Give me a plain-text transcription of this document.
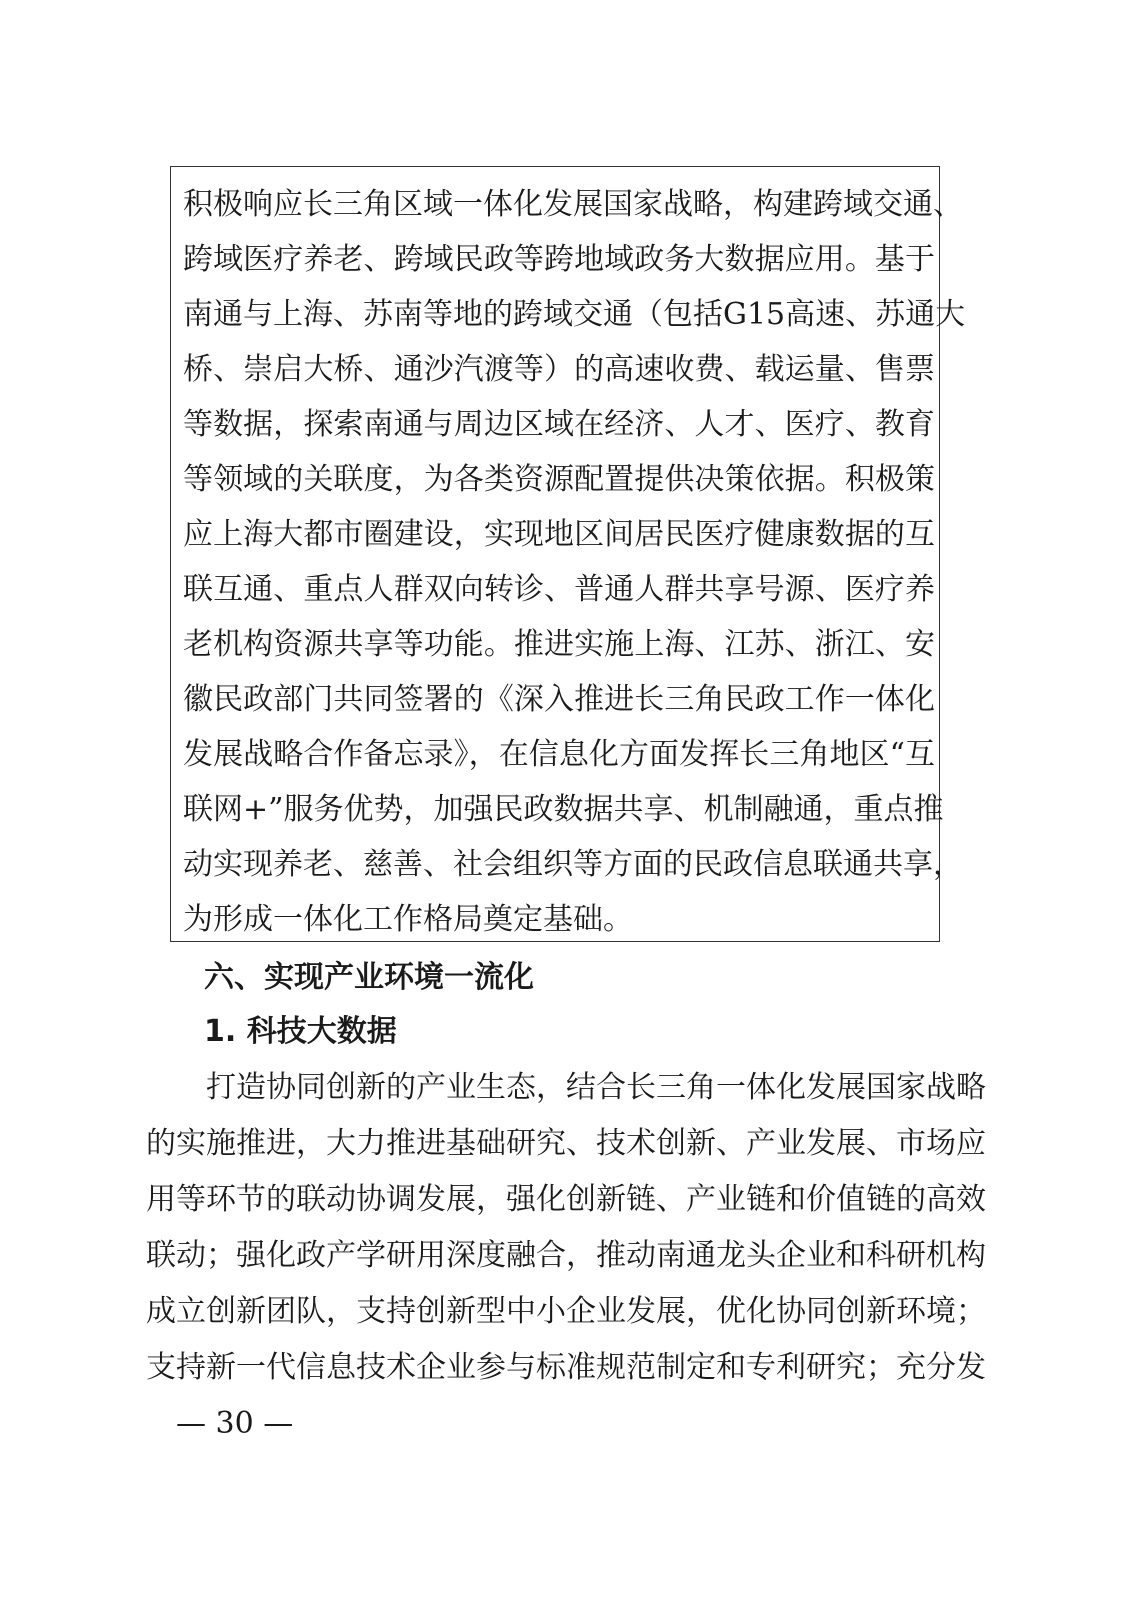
积极响应长三角区域一体化发展国家战略，构建跨域交通、
跨域医疗养老、跨域民政等跨地域政务大数据应用。基于
南通与上海、苏南等地的跨域交通（包括G15高速、苏通大
桥、崇启大桥、通沙汽渡等）的高速收费、载运量、售票
等数据，探索南通与周边区域在经济、人才、医疗、教育
等领域的关联度，为各类资源配置提供决策依据。积极策
应上海大都市圈建设，实现地区间居民医疗健康数据的互
联互通、重点人群双向转诊、普通人群共享号源、医疗养
老机构资源共享等功能。推进实施上海、江苏、浙江、安
徽民政部门共同签署的《深入推进长三角民政工作一体化
发展战略合作备忘录》，在信息化方面发挥长三角地区“互
联网+”服务优势，加强民政数据共享、机制融通，重点推
动实现养老、慈善、社会组织等方面的民政信息联通共享，
为形成一体化工作格局奠定基础。
六、实现产业环境一流化
1. 科技大数据
打造协同创新的产业生态，结合长三角一体化发展国家战略
的实施推进，大力推进基础研究、技术创新、产业发展、市场应
用等环节的联动协调发展，强化创新链、产业链和价值链的高效
联动；强化政产学研用深度融合，推动南通龙头企业和科研机构
成立创新团队，支持创新型中小企业发展，优化协同创新环境；
支持新一代信息技术企业参与标准规范制定和专利研究；充分发
— 30 —
